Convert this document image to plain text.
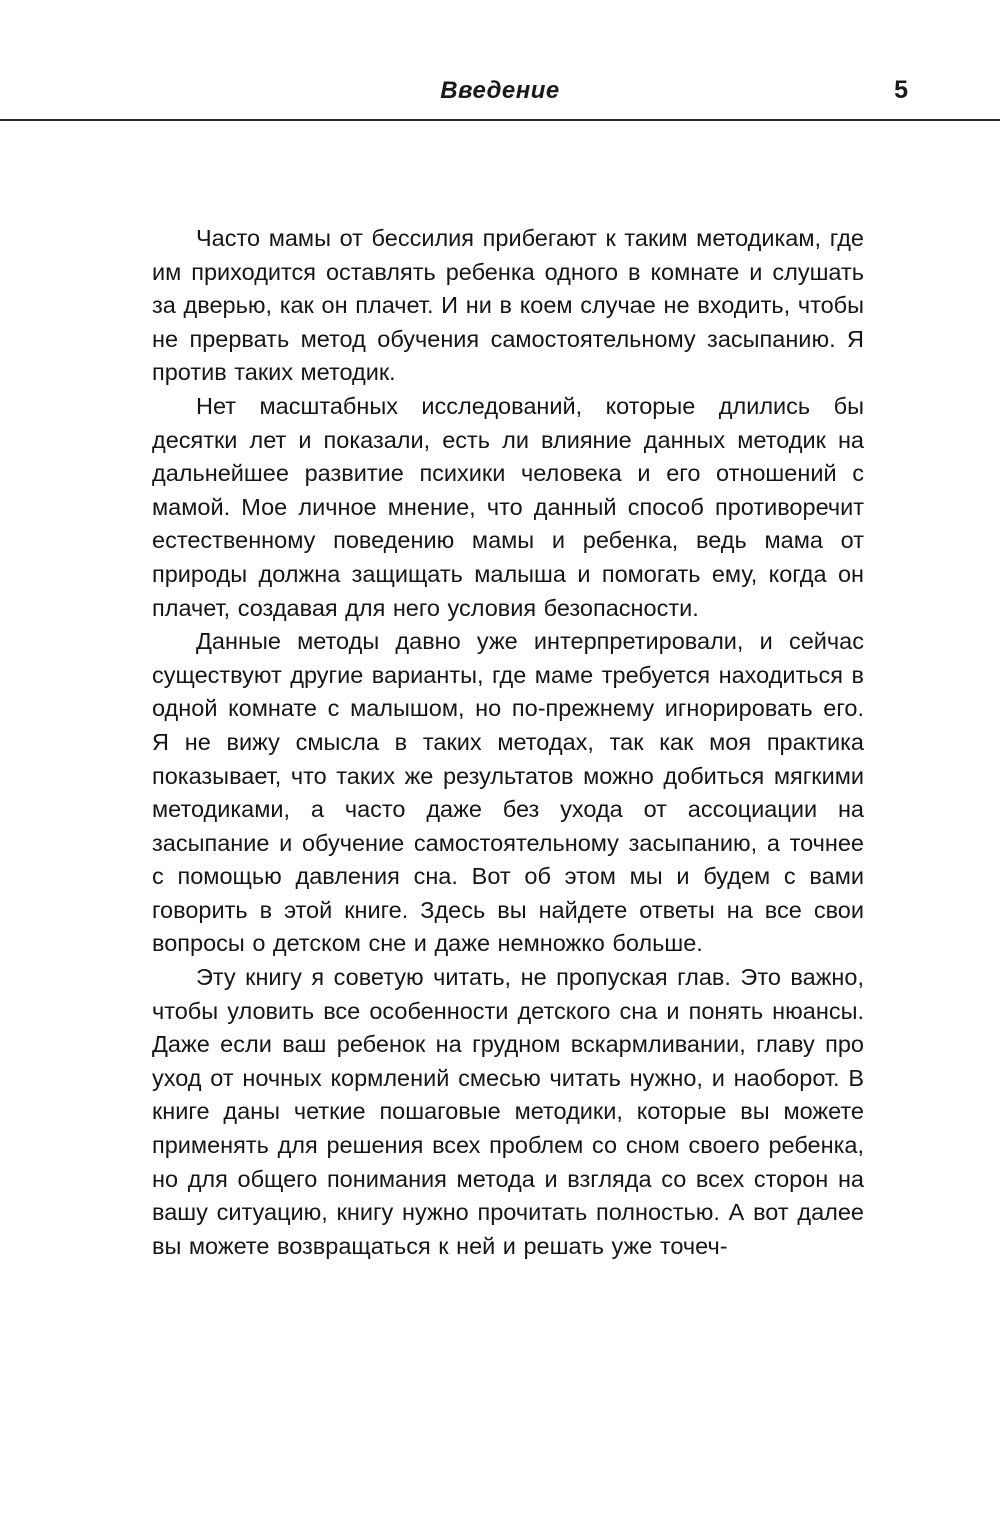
Введение	5

Часто мамы от бессилия прибегают к таким методикам, где им приходится оставлять ребенка одного в комнате и слушать за дверью, как он плачет. И ни в коем случае не входить, чтобы не прервать метод обучения самостоятельному засыпанию. Я против таких методик.

Нет масштабных исследований, которые длились бы десятки лет и показали, есть ли влияние данных методик на дальнейшее развитие психики человека и его отношений с мамой. Мое личное мнение, что данный способ противоречит естественному поведению мамы и ребенка, ведь мама от природы должна защищать малыша и помогать ему, когда он плачет, создавая для него условия безопасности.

Данные методы давно уже интерпретировали, и сейчас существуют другие варианты, где маме требуется находиться в одной комнате с малышом, но по-прежнему игнорировать его. Я не вижу смысла в таких методах, так как моя практика показывает, что таких же результатов можно добиться мягкими методиками, а часто даже без ухода от ассоциации на засыпание и обучение самостоятельному засыпанию, а точнее с помощью давления сна. Вот об этом мы и будем с вами говорить в этой книге. Здесь вы найдете ответы на все свои вопросы о детском сне и даже немножко больше.

Эту книгу я советую читать, не пропуская глав. Это важно, чтобы уловить все особенности детского сна и понять нюансы. Даже если ваш ребенок на грудном вскармливании, главу про уход от ночных кормлений смесью читать нужно, и наоборот. В книге даны четкие пошаговые методики, которые вы можете применять для решения всех проблем со сном своего ребенка, но для общего понимания метода и взгляда со всех сторон на вашу ситуацию, книгу нужно прочитать полностью. А вот далее вы можете возвращаться к ней и решать уже точеч-
